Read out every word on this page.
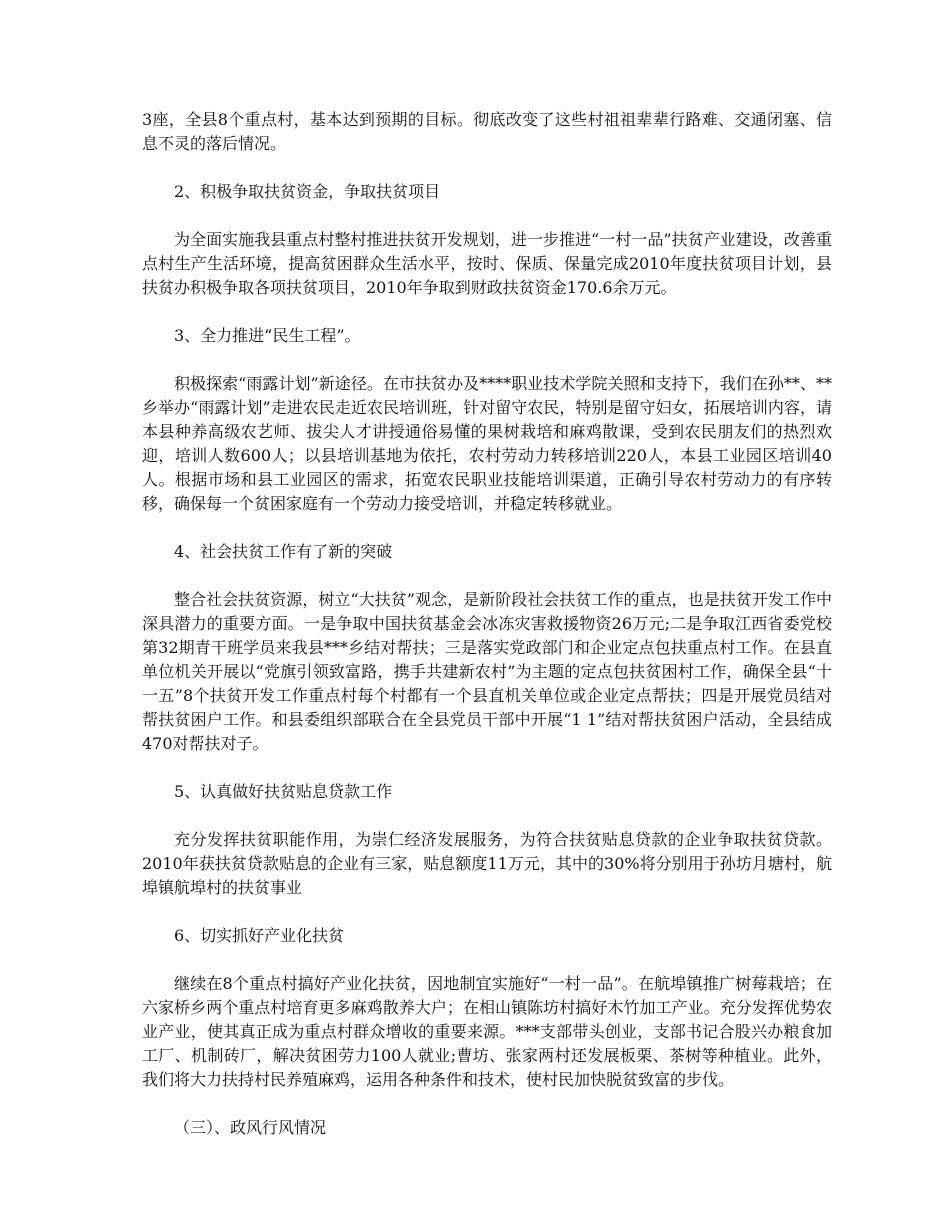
3座，全县8个重点村，基本达到预期的目标。彻底改变了这些村祖祖辈辈行路难、交通闭塞、信息不灵的落后情况。

2、积极争取扶贫资金，争取扶贫项目

为全面实施我县重点村整村推进扶贫开发规划，进一步推进“一村一品”扶贫产业建设，改善重点村生产生活环境，提高贫困群众生活水平，按时、保质、保量完成2010年度扶贫项目计划，县扶贫办积极争取各项扶贫项目，2010年争取到财政扶贫资金170.6余万元。

3、全力推进“民生工程”。

积极探索“雨露计划”新途径。在市扶贫办及****职业技术学院关照和支持下，我们在孙**、**乡举办“雨露计划”走进农民走近农民培训班，针对留守农民，特别是留守妇女，拓展培训内容，请本县种养高级农艺师、拔尖人才讲授通俗易懂的果树栽培和麻鸡散课，受到农民朋友们的热烈欢迎，培训人数600人；以县培训基地为依托，农村劳动力转移培训220人，本县工业园区培训40人。根据市场和县工业园区的需求，拓宽农民职业技能培训渠道，正确引导农村劳动力的有序转移，确保每一个贫困家庭有一个劳动力接受培训，并稳定转移就业。

4、社会扶贫工作有了新的突破

整合社会扶贫资源，树立“大扶贫”观念，是新阶段社会扶贫工作的重点，也是扶贫开发工作中深具潜力的重要方面。一是争取中国扶贫基金会冰冻灾害救援物资26万元;二是争取江西省委党校第32期青干班学员来我县***乡结对帮扶；三是落实党政部门和企业定点包扶重点村工作。在县直单位机关开展以“党旗引领致富路，携手共建新农村”为主题的定点包扶贫困村工作，确保全县“十一五”8个扶贫开发工作重点村每个村都有一个县直机关单位或企业定点帮扶；四是开展党员结对帮扶贫困户工作。和县委组织部联合在全县党员干部中开展“1 1”结对帮扶贫困户活动，全县结成470对帮扶对子。

5、认真做好扶贫贴息贷款工作

充分发挥扶贫职能作用，为崇仁经济发展服务，为符合扶贫贴息贷款的企业争取扶贫贷款。2010年获扶贫贷款贴息的企业有三家，贴息额度11万元，其中的30%将分别用于孙坊月塘村，航埠镇航埠村的扶贫事业

6、切实抓好产业化扶贫

继续在8个重点村搞好产业化扶贫，因地制宜实施好“一村一品”。在航埠镇推广树莓栽培；在六家桥乡两个重点村培育更多麻鸡散养大户；在相山镇陈坊村搞好木竹加工产业。充分发挥优势农业产业，使其真正成为重点村群众增收的重要来源。***支部带头创业，支部书记合股兴办粮食加工厂、机制砖厂，解决贫困劳力100人就业;曹坊、张家两村还发展板栗、茶树等种植业。此外，我们将大力扶持村民养殖麻鸡，运用各种条件和技术，使村民加快脱贫致富的步伐。

（三）、政风行风情况
